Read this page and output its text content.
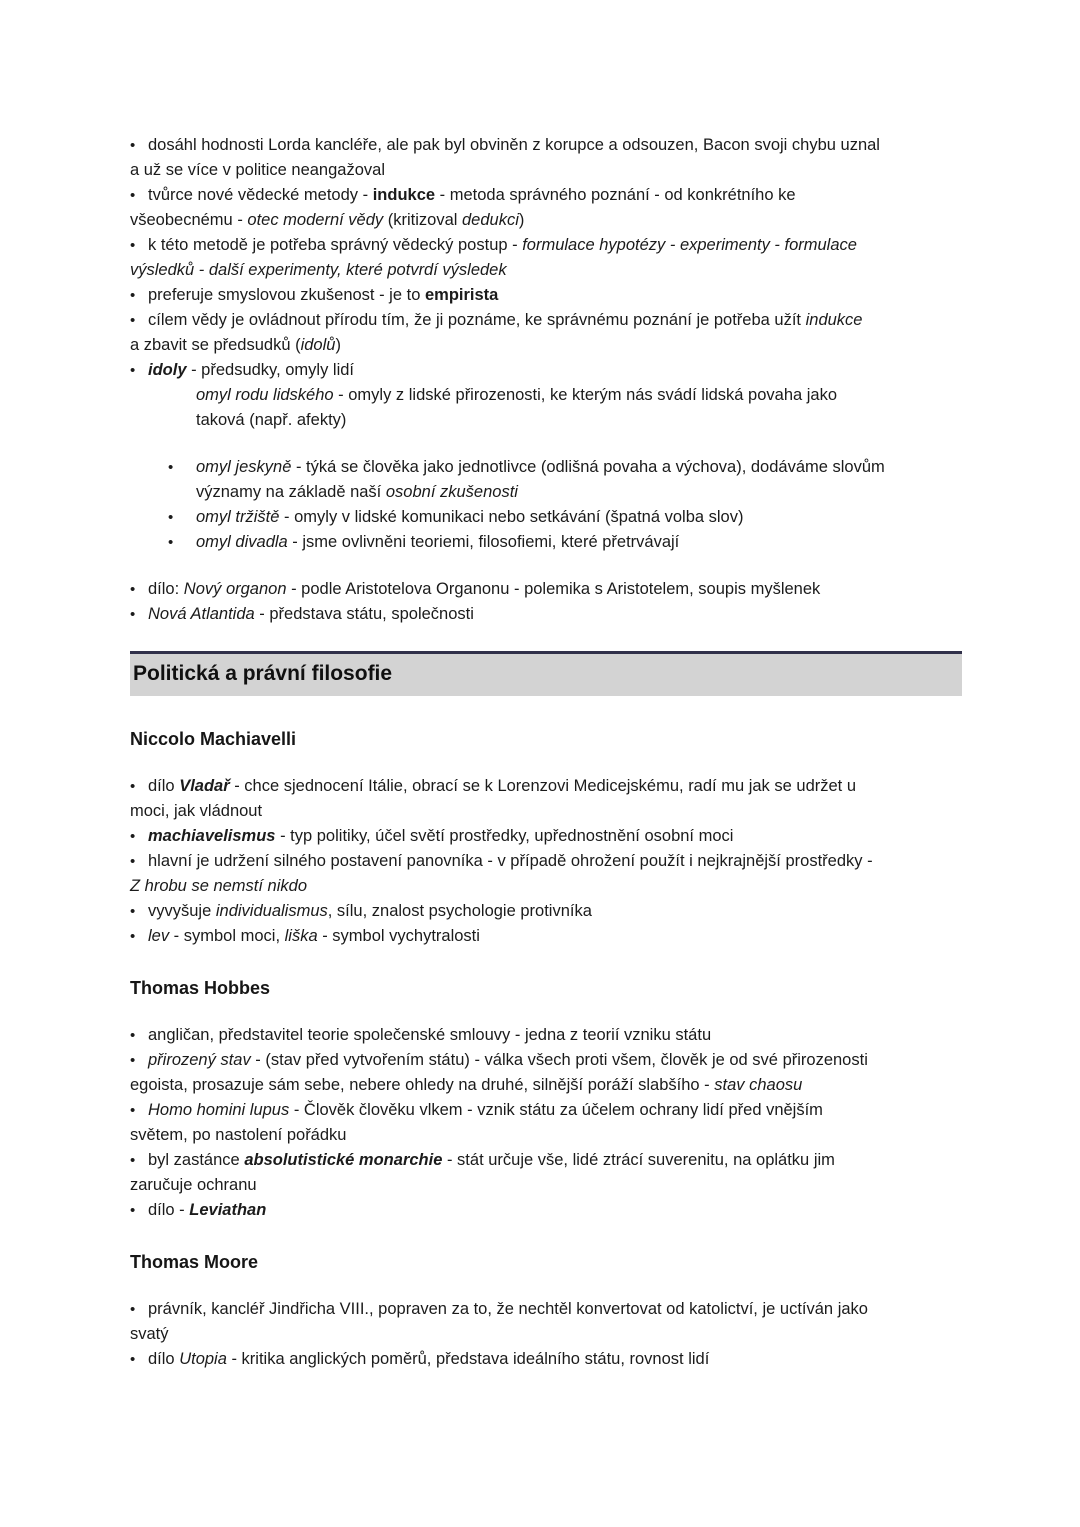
• dosáhl hodnosti Lorda kancléře, ale pak byl obviněn z korupce a odsouzen, Bacon svoji chybu uznal
a už se více v politice neangažoval
• tvůrce nové vědecké metody - indukce - metoda správného poznání - od konkrétního ke
všeobecnému - otec moderní vědy (kritizoval dedukci)
• k této metodě je potřeba správný vědecký postup - formulace hypotézy - experimenty - formulace
výsledků - další experimenty, které potvrdí výsledek
• preferuje smyslovou zkušenost - je to empirista
• cílem vědy je ovládnout přírodu tím, že ji poznáme, ke správnému poznání je potřeba užít indukce
a zbavit se předsudků (idolů)
• idoly - předsudky, omyly lidí
omyl rodu lidského - omyly z lidské přirozenosti, ke kterým nás svádí lidská povaha jako
taková (např. afekty)
• omyl jeskyně - týká se člověka jako jednotlivce (odlišná povaha a výchova), dodáváme slovům
významy na základě naší osobní zkušenosti
• omyl tržiště - omyly v lidské komunikaci nebo setkávání (špatná volba slov)
• omyl divadla - jsme ovlivněni teoriemi, filosofiemi, které přetrvávají
• dílo: Nový organon - podle Aristotelova Organonu - polemika s Aristotelem, soupis myšlenek
• Nová Atlantida - představa státu, společnosti
Politická a právní filosofie
Niccolo Machiavelli
• dílo Vladař - chce sjednocení Itálie, obrací se k Lorenzovi Medicejskému, radí mu jak se udržet u
moci, jak vládnout
• machiavelismus - typ politiky, účel světí prostředky, upřednostnění osobní moci
• hlavní je udržení silného postavení panovníka - v případě ohrožení použít i nejkrajnější prostředky -
Z hrobu se nemstí nikdo
• vyvyšuje individualismus, sílu, znalost psychologie protivníka
• lev - symbol moci, liška - symbol vychytralosti
Thomas Hobbes
• angličan, představitel teorie společenské smlouvy - jedna z teorií vzniku státu
• přirozený stav - (stav před vytvořením státu) - válka všech proti všem, člověk je od své přirozenosti
egoista, prosazuje sám sebe, nebere ohledy na druhé, silnější poráží slabšího - stav chaosu
• Homo homini lupus - Člověk člověku vlkem - vznik státu za účelem ochrany lidí před vnějším
světem, po nastolení pořádku
• byl zastánce absolutistické monarchie - stát určuje vše, lidé ztrácí suverenitu, na oplátku jim
zaručuje ochranu
• dílo - Leviathan
Thomas Moore
• právník, kancléř Jindřicha VIII., popraven za to, že nechtěl konvertovat od katolictví, je uctíván jako
svatý
• dílo Utopia - kritika anglických poměrů, představa ideálního státu, rovnost lidí
